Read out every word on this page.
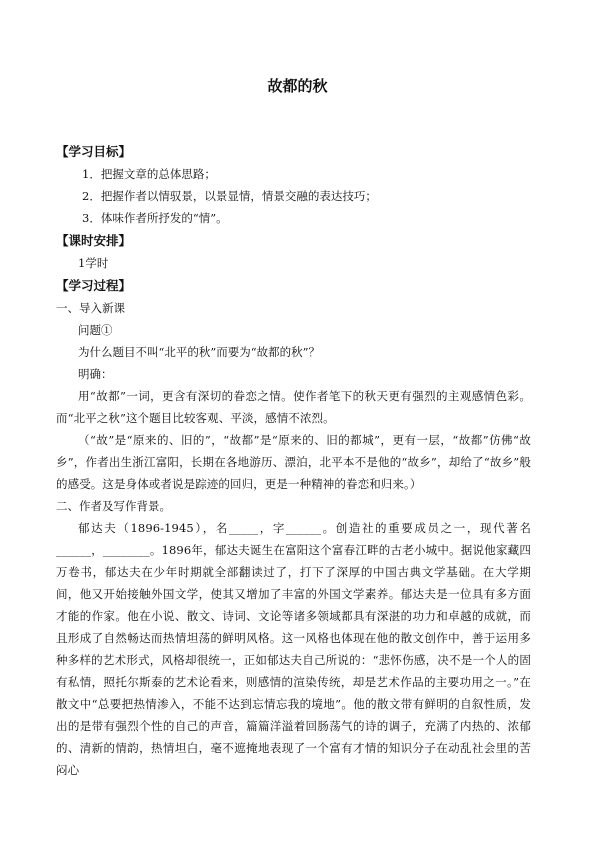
故都的秋

【学习目标】

1．把握文章的总体思路；

2．把握作者以情驭景，以景显情，情景交融的表达技巧；

3．体味作者所抒发的“情”。

【课时安排】

1学时

【学习过程】

一、导入新课

问题①

为什么题目不叫“北平的秋”而要为“故都的秋”？

明确：

用“故都”一词，更含有深切的眷恋之情。使作者笔下的秋天更有强烈的主观感情色彩。而“北平之秋”这个题目比较客观、平淡，感情不浓烈。

（“故”是“原来的、旧的”，“故都”是“原来的、旧的都城”，更有一层，“故都”仿佛“故乡”，作者出生浙江富阳，长期在各地游历、漂泊，北平本不是他的“故乡”，却给了“故乡”般的感受。这是身体或者说是踪迹的回归，更是一种精神的眷恋和归来。）

二、作者及写作背景。

郁达夫（1896-1945），名_____，字______。创造社的重要成员之一，现代著名______，________。1896年，郁达夫诞生在富阳这个富春江畔的古老小城中。据说他家藏四万卷书，郁达夫在少年时期就全部翻读过了，打下了深厚的中国古典文学基础。在大学期间，他又开始接触外国文学，使其又增加了丰富的外国文学素养。郁达夫是一位具有多方面才能的作家。他在小说、散文、诗词、文论等诸多领域都具有深湛的功力和卓越的成就，而且形成了自然畅达而热情坦荡的鲜明风格。这一风格也体现在他的散文创作中，善于运用多种多样的艺术形式，风格却很统一，正如郁达夫自己所说的：“悲怀伤感，决不是一个人的固有私情，照托尔斯泰的艺术论看来，则感情的渲染传统，却是艺术作品的主要功用之一。”在散文中“总要把热情渗入，不能不达到忘情忘我的境地”。他的散文带有鲜明的自叙性质，发出的是带有强烈个性的自己的声音，篇篇洋溢着回肠荡气的诗的调子，充满了内热的、浓郁的、清新的情韵，热情坦白，毫不遮掩地表现了一个富有才情的知识分子在动乱社会里的苦闷心
